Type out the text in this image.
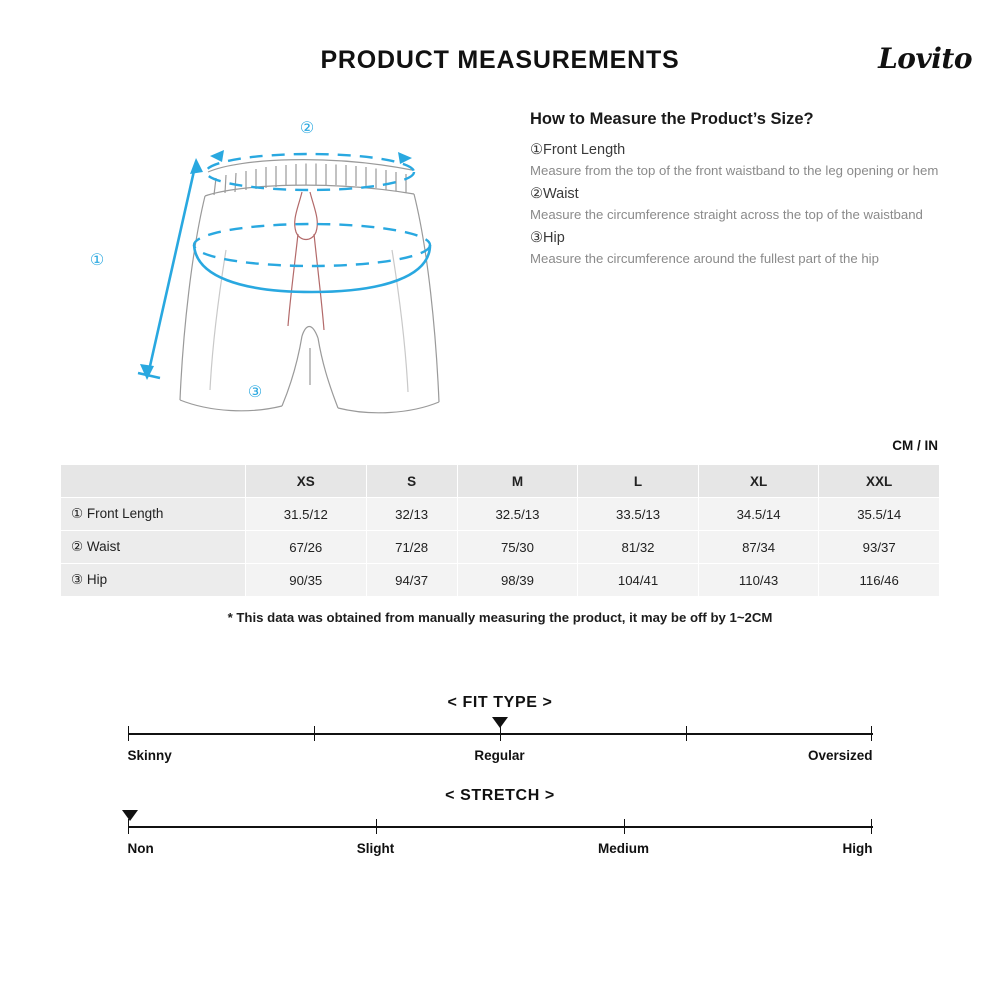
PRODUCT MEASUREMENTS	Lovito
②
①
③
How to Measure the Product’s Size?
①Front Length
Measure from the top of the front waistband to the leg opening or hem
②Waist
Measure the circumference straight across the top of the waistband
③Hip
Measure the circumference around the fullest part of the hip
CM / IN
	XS	S	M	L	XL	XXL
① Front Length	31.5/12	32/13	32.5/13	33.5/13	34.5/14	35.5/14
② Waist	67/26	71/28	75/30	81/32	87/34	93/37
③ Hip	90/35	94/37	98/39	104/41	110/43	116/46
* This data was obtained from manually measuring the product, it may be off by 1~2CM
< FIT TYPE >
Skinny	Regular	Oversized
< STRETCH >
Non	Slight	Medium	High
